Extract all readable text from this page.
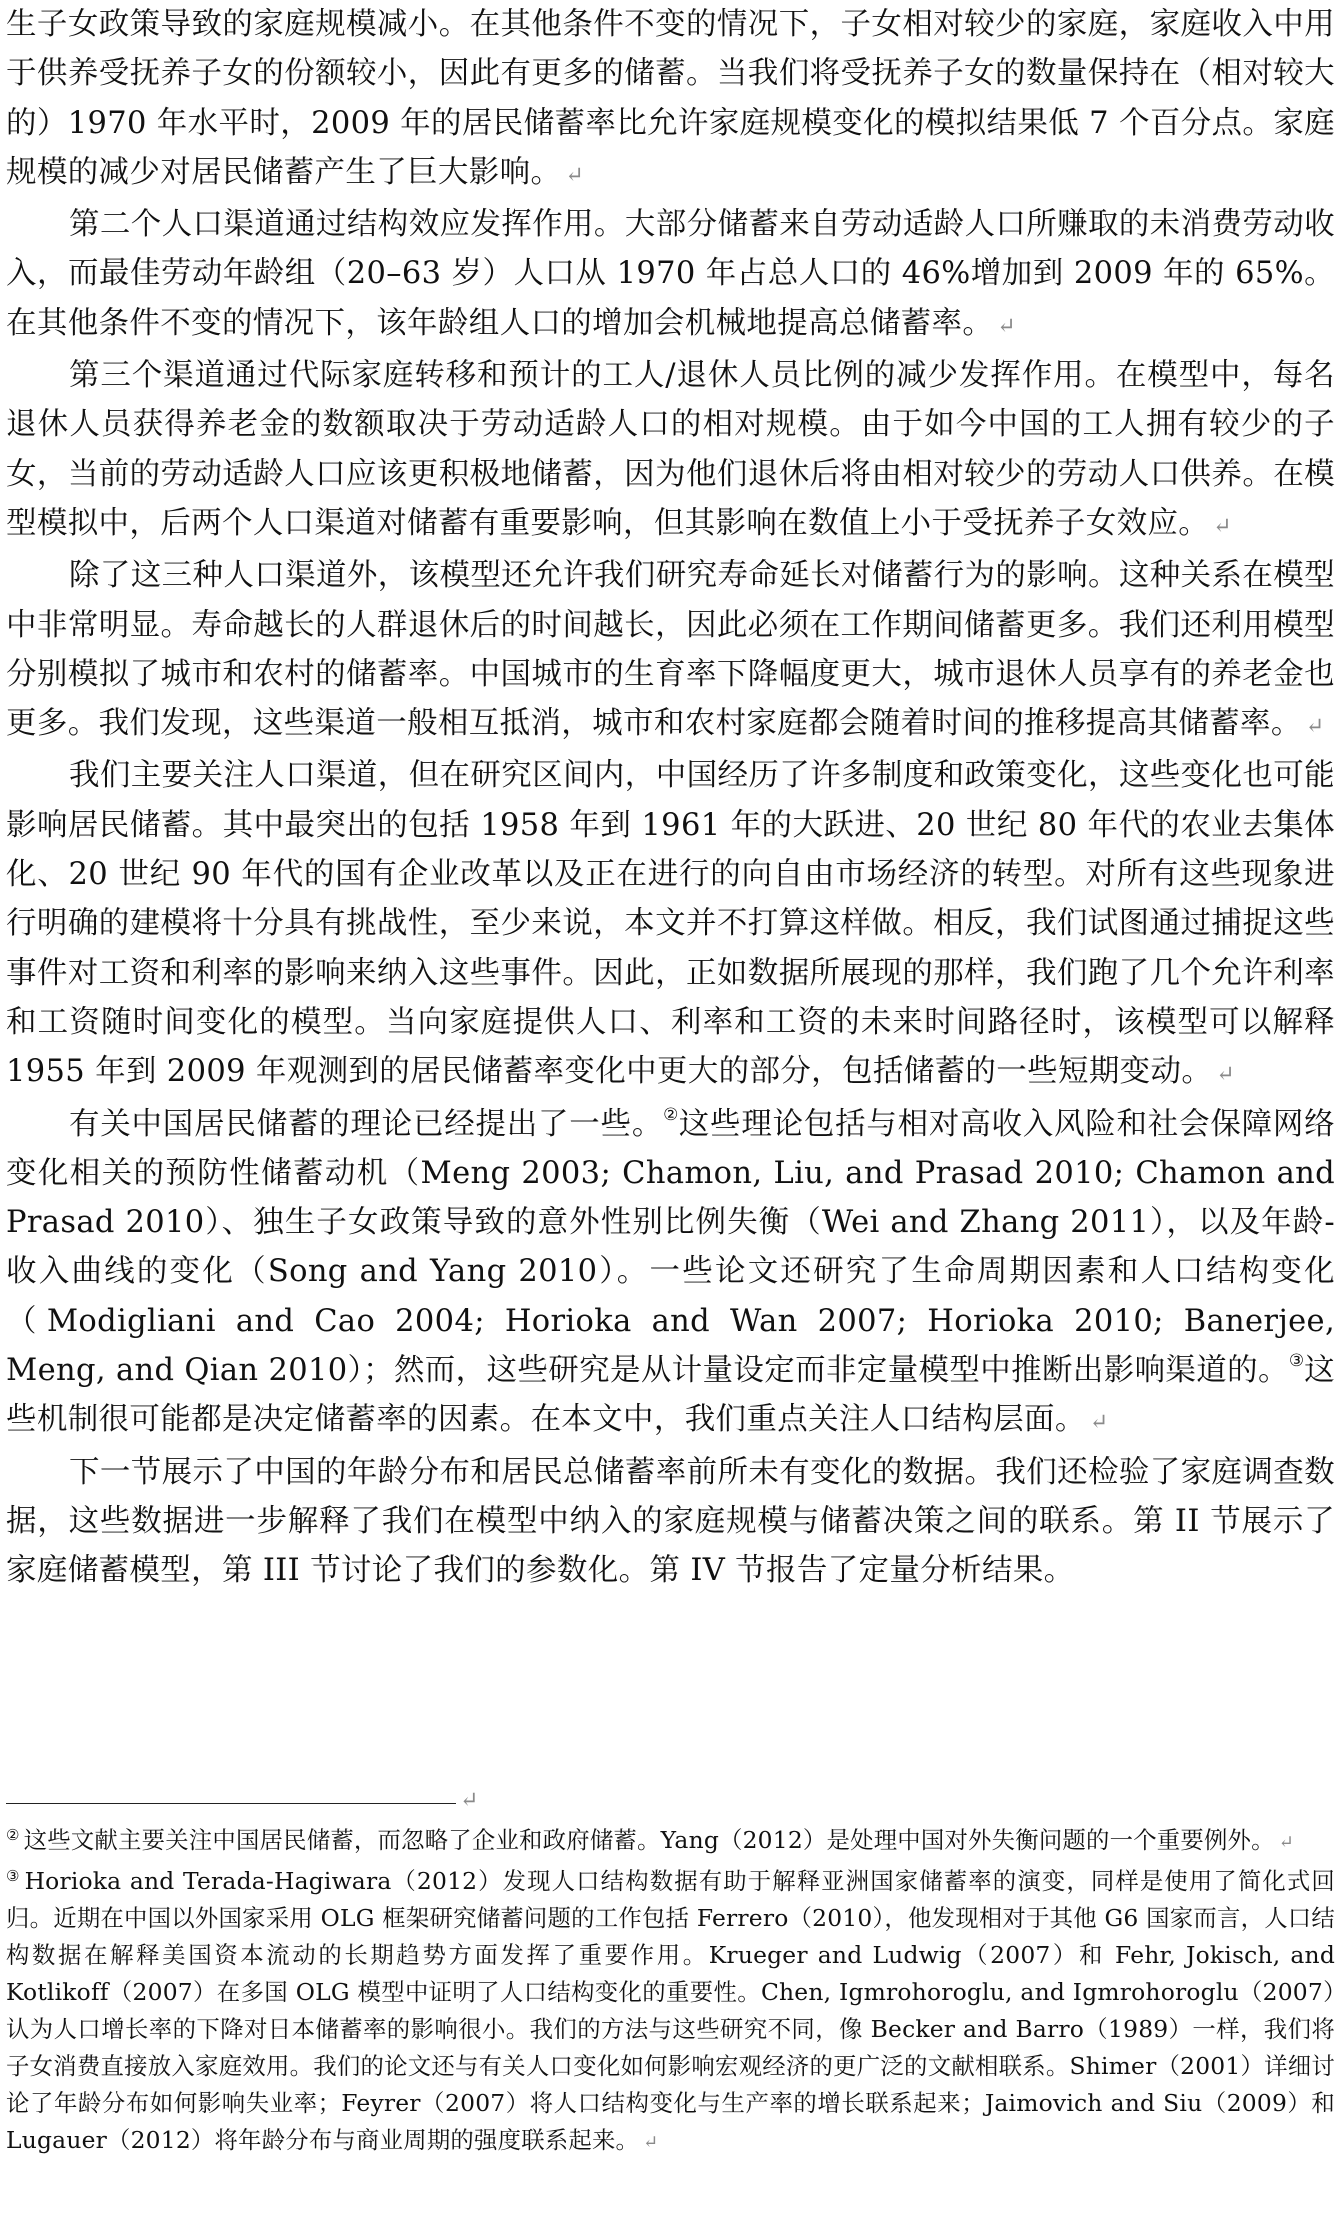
生子女政策导致的家庭规模减小。在其他条件不变的情况下，子女相对较少的家庭，家庭收入中用于供养受抚养子女的份额较小，因此有更多的储蓄。当我们将受抚养子女的数量保持在（相对较大的）1970 年水平时，2009 年的居民储蓄率比允许家庭规模变化的模拟结果低 7 个百分点。家庭规模的减少对居民储蓄产生了巨大影响。 ↵

第二个人口渠道通过结构效应发挥作用。大部分储蓄来自劳动适龄人口所赚取的未消费劳动收入，而最佳劳动年龄组（20–63 岁）人口从 1970 年占总人口的 46%增加到 2009 年的 65%。在其他条件不变的情况下，该年龄组人口的增加会机械地提高总储蓄率。 ↵

第三个渠道通过代际家庭转移和预计的工人/退休人员比例的减少发挥作用。在模型中，每名退休人员获得养老金的数额取决于劳动适龄人口的相对规模。由于如今中国的工人拥有较少的子女，当前的劳动适龄人口应该更积极地储蓄，因为他们退休后将由相对较少的劳动人口供养。在模型模拟中，后两个人口渠道对储蓄有重要影响，但其影响在数值上小于受抚养子女效应。 ↵

除了这三种人口渠道外，该模型还允许我们研究寿命延长对储蓄行为的影响。这种关系在模型中非常明显。寿命越长的人群退休后的时间越长，因此必须在工作期间储蓄更多。我们还利用模型分别模拟了城市和农村的储蓄率。中国城市的生育率下降幅度更大，城市退休人员享有的养老金也更多。我们发现，这些渠道一般相互抵消，城市和农村家庭都会随着时间的推移提高其储蓄率。 ↵

我们主要关注人口渠道，但在研究区间内，中国经历了许多制度和政策变化，这些变化也可能影响居民储蓄。其中最突出的包括 1958 年到 1961 年的大跃进、20 世纪 80 年代的农业去集体化、20 世纪 90 年代的国有企业改革以及正在进行的向自由市场经济的转型。对所有这些现象进行明确的建模将十分具有挑战性，至少来说，本文并不打算这样做。相反，我们试图通过捕捉这些事件对工资和利率的影响来纳入这些事件。因此，正如数据所展现的那样，我们跑了几个允许利率和工资随时间变化的模型。当向家庭提供人口、利率和工资的未来时间路径时，该模型可以解释 1955 年到 2009 年观测到的居民储蓄率变化中更大的部分，包括储蓄的一些短期变动。 ↵

有关中国居民储蓄的理论已经提出了一些。②这些理论包括与相对高收入风险和社会保障网络变化相关的预防性储蓄动机（Meng 2003; Chamon, Liu, and Prasad 2010; Chamon and Prasad 2010）、独生子女政策导致的意外性别比例失衡（Wei and Zhang 2011），以及年龄-收入曲线的变化（Song and Yang 2010）。一些论文还研究了生命周期因素和人口结构变化（Modigliani and Cao 2004; Horioka and Wan 2007; Horioka 2010; Banerjee, Meng, and Qian 2010）；然而，这些研究是从计量设定而非定量模型中推断出影响渠道的。③这些机制很可能都是决定储蓄率的因素。在本文中，我们重点关注人口结构层面。 ↵

下一节展示了中国的年龄分布和居民总储蓄率前所未有变化的数据。我们还检验了家庭调查数据，这些数据进一步解释了我们在模型中纳入的家庭规模与储蓄决策之间的联系。第 II 节展示了家庭储蓄模型，第 III 节讨论了我们的参数化。第 IV 节报告了定量分析结果。

↵

② 这些文献主要关注中国居民储蓄，而忽略了企业和政府储蓄。Yang（2012）是处理中国对外失衡问题的一个重要例外。 ↵

③ Horioka and Terada-Hagiwara（2012）发现人口结构数据有助于解释亚洲国家储蓄率的演变，同样是使用了简化式回归。近期在中国以外国家采用 OLG 框架研究储蓄问题的工作包括 Ferrero（2010），他发现相对于其他 G6 国家而言，人口结构数据在解释美国资本流动的长期趋势方面发挥了重要作用。Krueger and Ludwig（2007）和 Fehr, Jokisch, and Kotlikoff（2007）在多国 OLG 模型中证明了人口结构变化的重要性。Chen, Igmrohoroglu, and Igmrohoroglu（2007）认为人口增长率的下降对日本储蓄率的影响很小。我们的方法与这些研究不同，像 Becker and Barro（1989）一样，我们将子女消费直接放入家庭效用。我们的论文还与有关人口变化如何影响宏观经济的更广泛的文献相联系。Shimer（2001）详细讨论了年龄分布如何影响失业率；Feyrer（2007）将人口结构变化与生产率的增长联系起来；Jaimovich and Siu（2009）和 Lugauer（2012）将年龄分布与商业周期的强度联系起来。 ↵
